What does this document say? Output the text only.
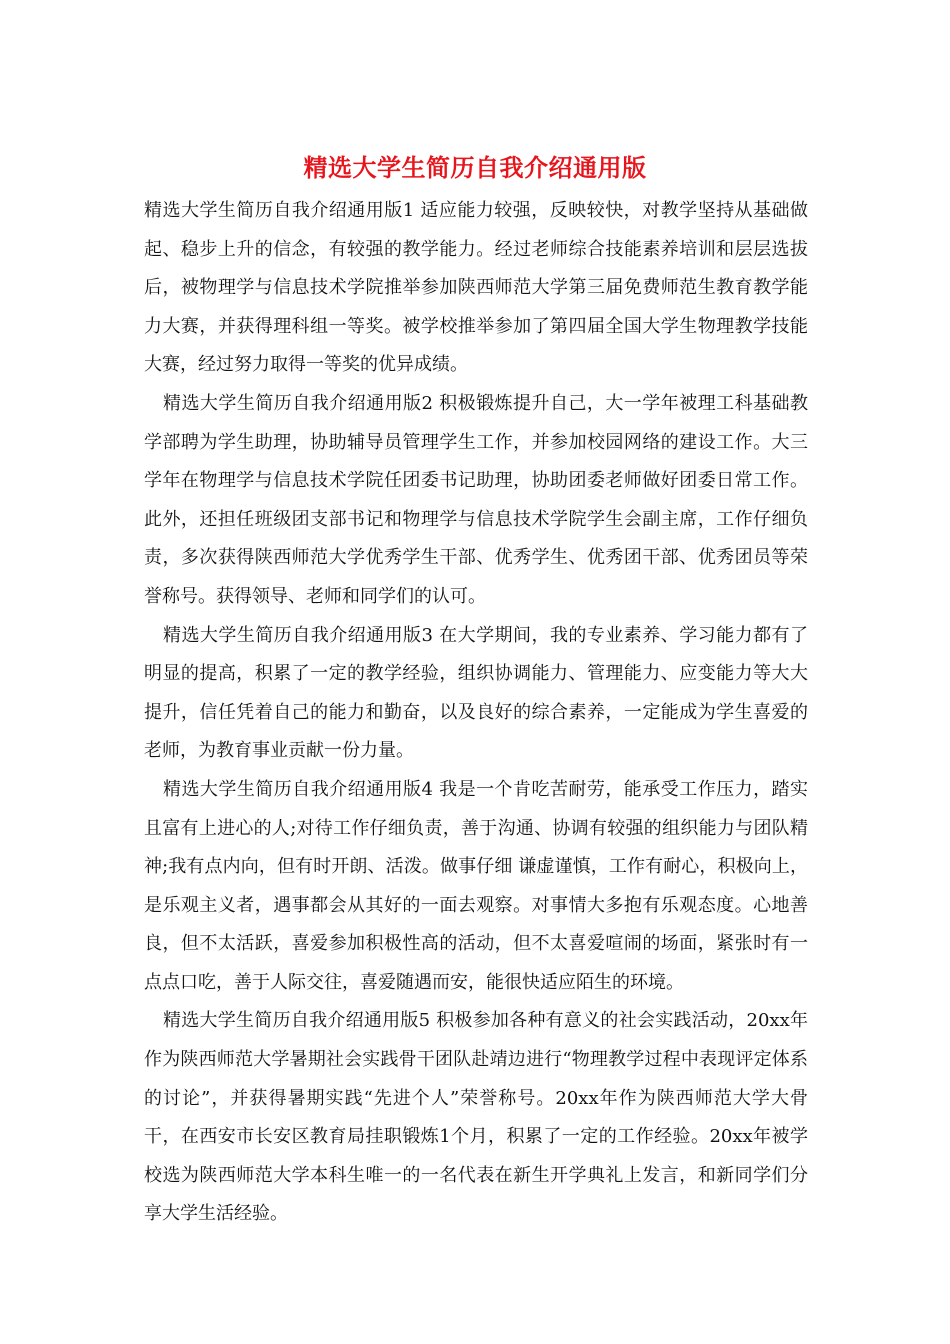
精选大学生简历自我介绍通用版

精选大学生简历自我介绍通用版1 适应能力较强，反映较快，对教学坚持从基础做起、稳步上升的信念，有较强的教学能力。经过老师综合技能素养培训和层层选拔后，被物理学与信息技术学院推举参加陕西师范大学第三届免费师范生教育教学能力大赛，并获得理科组一等奖。被学校推举参加了第四届全国大学生物理教学技能大赛，经过努力取得一等奖的优异成绩。

精选大学生简历自我介绍通用版2 积极锻炼提升自己，大一学年被理工科基础教学部聘为学生助理，协助辅导员管理学生工作，并参加校园网络的建设工作。大三学年在物理学与信息技术学院任团委书记助理，协助团委老师做好团委日常工作。此外，还担任班级团支部书记和物理学与信息技术学院学生会副主席，工作仔细负责，多次获得陕西师范大学优秀学生干部、优秀学生、优秀团干部、优秀团员等荣誉称号。获得领导、老师和同学们的认可。

精选大学生简历自我介绍通用版3 在大学期间，我的专业素养、学习能力都有了明显的提高，积累了一定的教学经验，组织协调能力、管理能力、应变能力等大大提升，信任凭着自己的能力和勤奋，以及良好的综合素养，一定能成为学生喜爱的老师，为教育事业贡献一份力量。

精选大学生简历自我介绍通用版4 我是一个肯吃苦耐劳，能承受工作压力，踏实且富有上进心的人;对待工作仔细负责，善于沟通、协调有较强的组织能力与团队精神;我有点内向，但有时开朗、活泼。做事仔细 谦虚谨慎，工作有耐心，积极向上，是乐观主义者，遇事都会从其好的一面去观察。对事情大多抱有乐观态度。心地善良，但不太活跃，喜爱参加积极性高的活动，但不太喜爱喧闹的场面，紧张时有一点点口吃，善于人际交往，喜爱随遇而安，能很快适应陌生的环境。

精选大学生简历自我介绍通用版5 积极参加各种有意义的社会实践活动，20xx年作为陕西师范大学暑期社会实践骨干团队赴靖边进行“物理教学过程中表现评定体系的讨论”，并获得暑期实践“先进个人”荣誉称号。20xx年作为陕西师范大学大骨干，在西安市长安区教育局挂职锻炼1个月，积累了一定的工作经验。20xx年被学校选为陕西师范大学本科生唯一的一名代表在新生开学典礼上发言，和新同学们分享大学生活经验。
